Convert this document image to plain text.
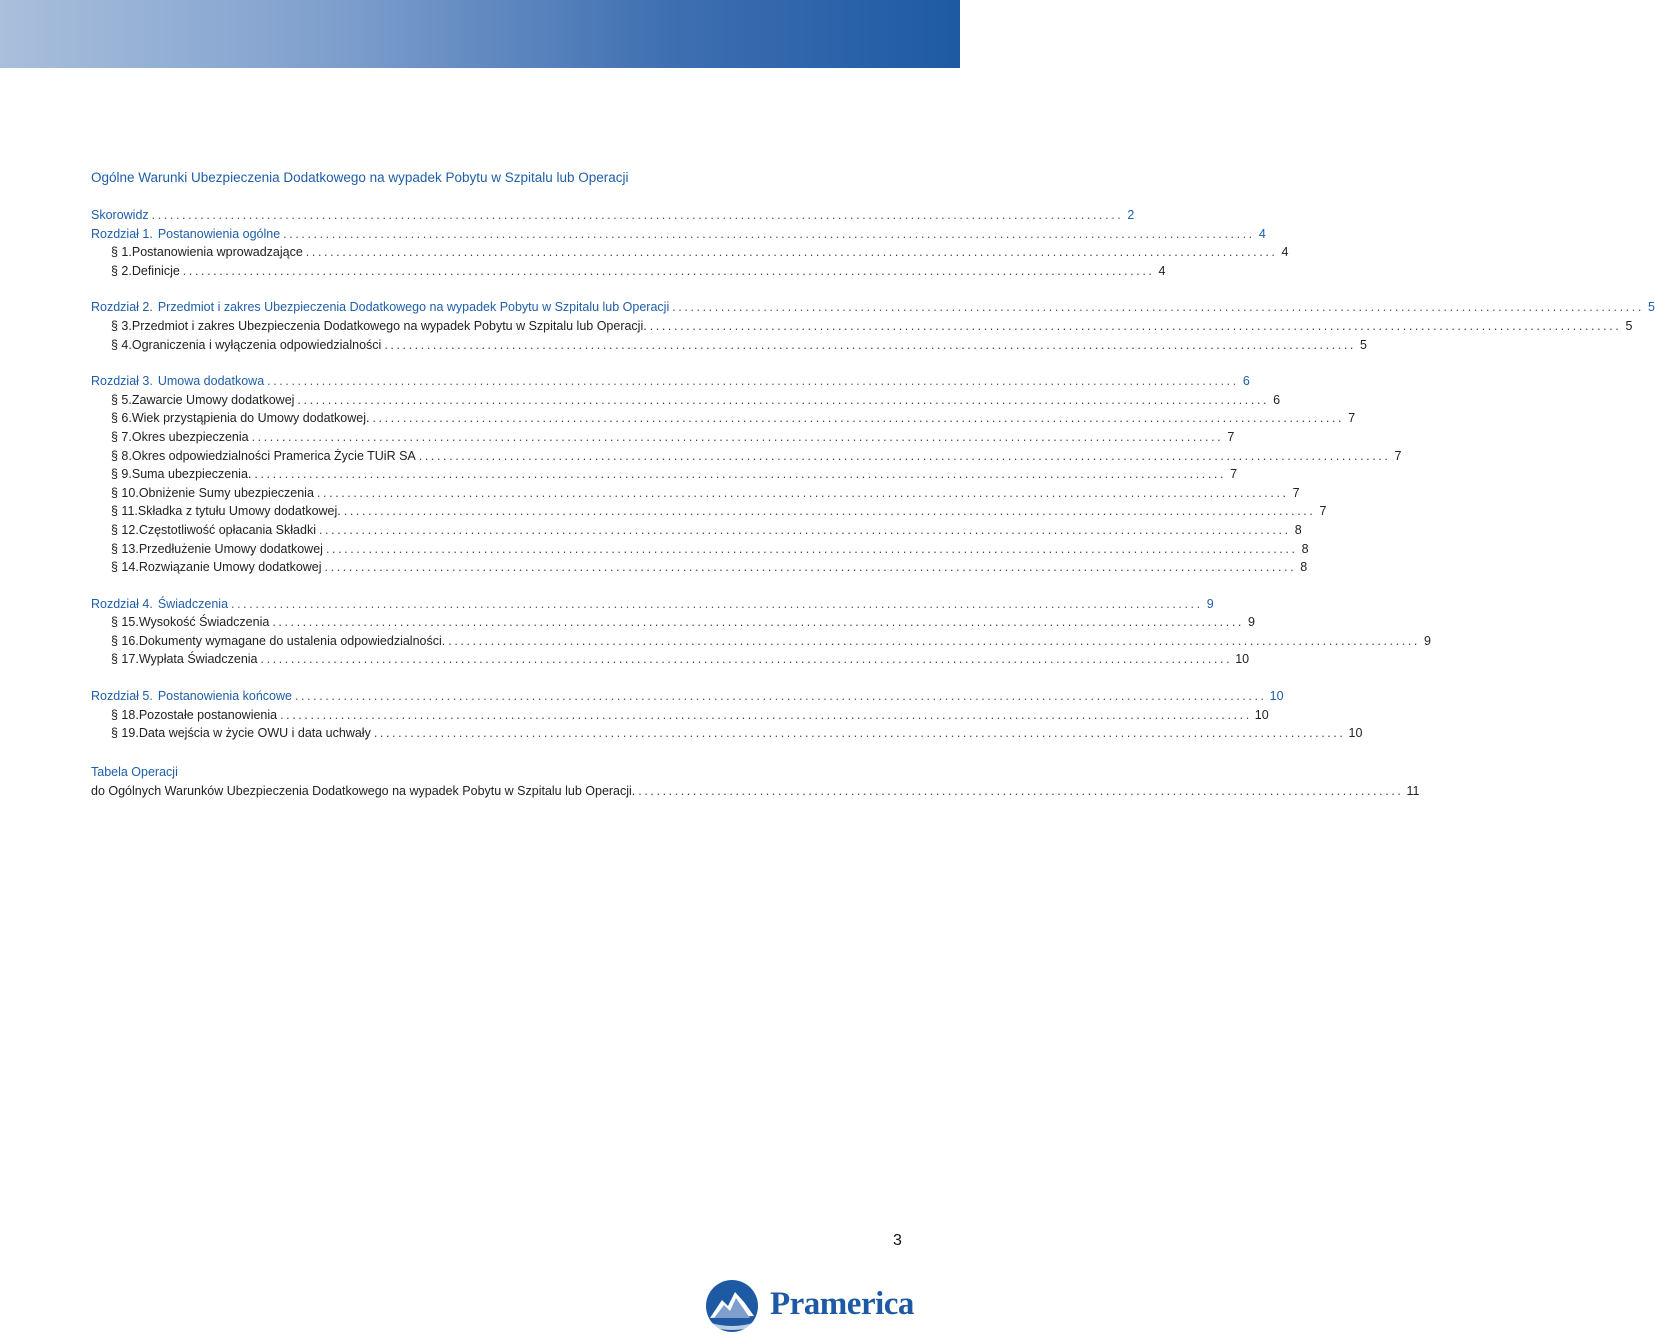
Ogólne Warunki Ubezpieczenia Dodatkowego na wypadek Pobytu w Szpitalu lub Operacji
Skorowidz ................................................................................................................................................................ 2
Rozdział 1. Postanowienia ogólne ................................................................................................................................................................ 4
§ 1. Postanowienia wprowadzające ................................................................................................................................................................ 4
§ 2. Definicje ................................................................................................................................................................ 4
Rozdział 2. Przedmiot i zakres Ubezpieczenia Dodatkowego na wypadek Pobytu w Szpitalu lub Operacji ................................................................................................................................................................ 5
§ 3. Przedmiot i zakres Ubezpieczenia Dodatkowego na wypadek Pobytu w Szpitalu lub Operacji. ................................................................................................................................................................ 5
§ 4. Ograniczenia i wyłączenia odpowiedzialności ................................................................................................................................................................ 5
Rozdział 3. Umowa dodatkowa ................................................................................................................................................................ 6
§ 5. Zawarcie Umowy dodatkowej ................................................................................................................................................................ 6
§ 6. Wiek przystąpienia do Umowy dodatkowej. ................................................................................................................................................................ 7
§ 7. Okres ubezpieczenia ................................................................................................................................................................ 7
§ 8. Okres odpowiedzialności Pramerica Życie TUiR SA ................................................................................................................................................................ 7
§ 9. Suma ubezpieczenia. ................................................................................................................................................................ 7
§ 10. Obniżenie Sumy ubezpieczenia ................................................................................................................................................................ 7
§ 11. Składka z tytułu Umowy dodatkowej. ................................................................................................................................................................ 7
§ 12. Częstotliwość opłacania Składki ................................................................................................................................................................ 8
§ 13. Przedłużenie Umowy dodatkowej ................................................................................................................................................................ 8
§ 14. Rozwiązanie Umowy dodatkowej ................................................................................................................................................................ 8
Rozdział 4. Świadczenia ................................................................................................................................................................ 9
§ 15. Wysokość Świadczenia ................................................................................................................................................................ 9
§ 16. Dokumenty wymagane do ustalenia odpowiedzialności. ................................................................................................................................................................ 9
§ 17. Wypłata Świadczenia ................................................................................................................................................................ 10
Rozdział 5. Postanowienia końcowe ................................................................................................................................................................ 10
§ 18. Pozostałe postanowienia ................................................................................................................................................................ 10
§ 19. Data wejścia w życie OWU i data uchwały ................................................................................................................................................................ 10
Tabela Operacji
do Ogólnych Warunków Ubezpieczenia Dodatkowego na wypadek Pobytu w Szpitalu lub Operacji. .............................................................................................................................. 11
3
Pramerica
